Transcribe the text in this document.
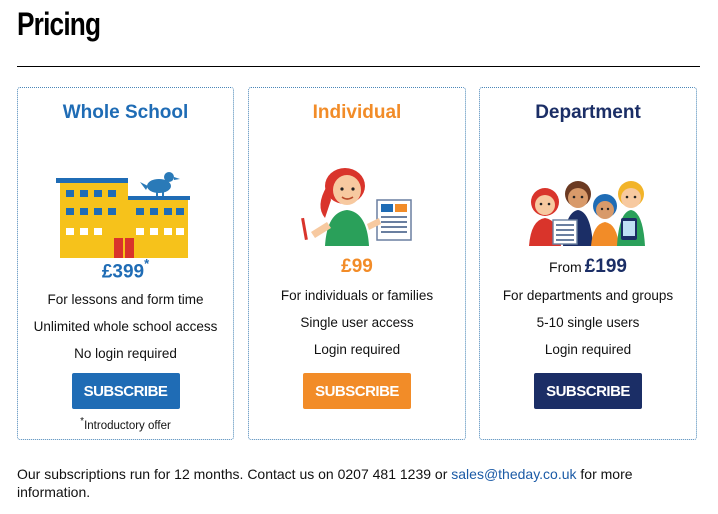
Pricing
Whole School
£399*
For lessons and form time
Unlimited whole school access
No login required
SUBSCRIBE
*Introductory offer
Individual
£99
For individuals or families
Single user access
Login required
SUBSCRIBE
Department
From £199
For departments and groups
5-10 single users
Login required
SUBSCRIBE

Our subscriptions run for 12 months. Contact us on 0207 481 1239 or sales@theday.co.uk for more information.
